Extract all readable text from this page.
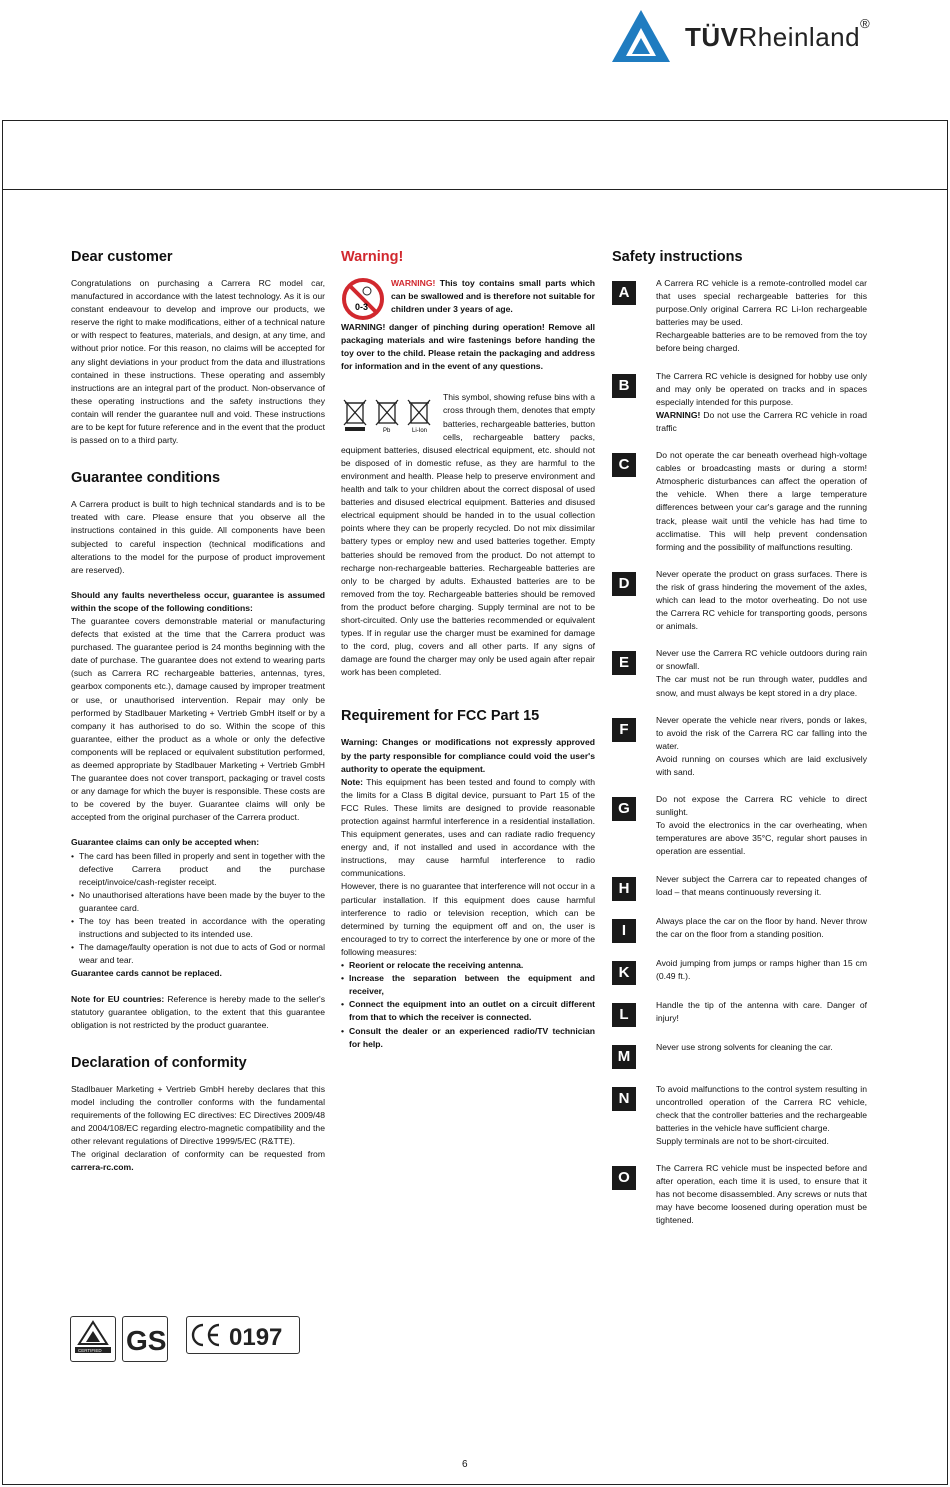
TÜVRheinland®
Dear customer

Congratulations on purchasing a Carrera RC model car, manufactured in accordance with the latest technology. As it is our constant endeavour to develop and improve our products, we reserve the right to make modifications, either of a technical nature or with respect to features, materials, and design, at any time, and without prior notice. For this reason, no claims will be accepted for any slight deviations in your product from the data and illustrations contained in these instructions. These operating and assembly instructions are an integral part of the product. Non-observance of these operating instructions and the safety instructions they contain will render the guarantee null and void. These instructions are to be kept for future reference and in the event that the product is passed on to a third party.

Guarantee conditions

A Carrera product is built to high technical standards and is to be treated with care. Please ensure that you observe all the instructions contained in this guide. All components have been subjected to careful inspection (technical modifications and alterations to the model for the purpose of product improvement are reserved).

Should any faults nevertheless occur, guarantee is assumed within the scope of the following conditions:

The guarantee covers demonstrable material or manufacturing defects that existed at the time that the Carrera product was purchased. The guarantee period is 24 months beginning with the date of purchase. The guarantee does not extend to wearing parts (such as Carrera RC rechargeable batteries, antennas, tyres, gearbox components etc.), damage caused by improper treatment or use, or unauthorised intervention. Repair may only be performed by Stadlbauer Marketing + Vertrieb GmbH itself or by a company it has authorised to do so. Within the scope of this guarantee, either the product as a whole or only the defective components will be replaced or equivalent substitution performed, as deemed appropriate by Stadlbauer Marketing + Vertrieb GmbH The guarantee does not cover transport, packaging or travel costs or any damage for which the buyer is responsible. These costs are to be covered by the buyer. Guarantee claims will only be accepted from the original purchaser of the Carrera product.

Guarantee claims can only be accepted when:

• The card has been filled in properly and sent in together with the defective Carrera product and the purchase receipt/invoice/cash-register receipt.
• No unauthorised alterations have been made by the buyer to the guarantee card.
• The toy has been treated in accordance with the operating instructions and subjected to its intended use.
• The damage/faulty operation is not due to acts of God or normal wear and tear.

Guarantee cards cannot be replaced.

Note for EU countries: Reference is hereby made to the seller's statutory guarantee obligation, to the extent that this guarantee obligation is not restricted by the product guarantee.

Declaration of conformity

Stadlbauer Marketing + Vertrieb GmbH hereby declares that this model including the controller conforms with the fundamental requirements of the following EC directives: EC Directives 2009/48 and 2004/108/EC regarding electro-magnetic compatibility and the other relevant regulations of Directive 1999/5/EC (R&TTE).

The original declaration of conformity can be requested from carrera-rc.com.

Warning!
0-3

WARNING! This toy contains small parts which can be swallowed and is therefore not suitable for children under 3 years of age.

WARNING! danger of pinching during operation! Remove all packaging materials and wire fastenings before handing the toy over to the child. Please retain the packaging and address for information and in the event of any questions.

Pb	Li-Ion

This symbol, showing refuse bins with a cross through them, denotes that empty batteries, rechargeable batteries, button cells, rechargeable battery packs, equipment batteries, disused electrical equipment, etc. should not be disposed of in domestic refuse, as they are harmful to the environment and health. Please help to preserve environment and health and talk to your children about the correct disposal of used batteries and disused electrical equipment. Batteries and disused electrical equipment should be handed in to the usual collection points where they can be properly recycled. Do not mix dissimilar battery types or employ new and used batteries together. Empty batteries should be removed from the product. Do not attempt to recharge non-rechargeable batteries. Rechargeable batteries are only to be charged by adults. Exhausted batteries are to be removed from the toy. Rechargeable batteries should be removed from the product before charging. Supply terminal are not to be short-circuited. Only use the batteries recommended or equivalent types. If in regular use the charger must be examined for damage to the cord, plug, covers and all other parts. If any signs of damage are found the charger may only be used again after repair work has been completed.

Requirement for FCC Part 15

Warning: Changes or modifications not expressly approved by the party responsible for compliance could void the user's authority to operate the equipment.

Note: This equipment has been tested and found to comply with the limits for a Class B digital device, pursuant to Part 15 of the FCC Rules. These limits are designed to provide reasonable protection against harmful interference in a residential installation. This equipment generates, uses and can radiate radio frequency energy and, if not installed and used in accordance with the instructions, may cause harmful interference to radio communications.

However, there is no guarantee that interference will not occur in a particular installation. If this equipment does cause harmful interference to radio or television reception, which can be determined by turning the equipment off and on, the user is encouraged to try to correct the interference by one or more of the following measures:

• Reorient or relocate the receiving antenna.
• Increase the separation between the equipment and receiver,
• Connect the equipment into an outlet on a circuit different from that to which the receiver is connected.
• Consult the dealer or an experienced radio/TV technician for help.
Safety instructions
A

A Carrera RC vehicle is a remote-controlled model car that uses special rechargeable batteries for this purpose.Only original Carrera RC Li-Ion rechargeable batteries may be used.

Rechargeable batteries are to be removed from the toy before being charged.

B

The Carrera RC vehicle is designed for hobby use only and may only be operated on tracks and in spaces especially intended for this purpose.

WARNING! Do not use the Carrera RC vehicle in road traffic

C

Do not operate the car beneath overhead high-voltage cables or broadcasting masts or during a storm! Atmospheric disturbances can affect the operation of the vehicle. When there a large temperature differences between your car's garage and the running track, please wait until the vehicle has had time to acclimatise. This will help prevent condensation forming and the possibility of malfunctions resulting.

D

Never operate the product on grass surfaces. There is the risk of grass hindering the movement of the axles, which can lead to the motor overheating. Do not use the Carrera RC vehicle for transporting goods, persons or animals.

E

Never use the Carrera RC vehicle outdoors during rain or snowfall.

The car must not be run through water, puddles and snow, and must always be kept stored in a dry place.

F

Never operate the vehicle near rivers, ponds or lakes, to avoid the risk of the Carrera RC car falling into the water.

Avoid running on courses which are laid exclusively with sand.

G

Do not expose the Carrera RC vehicle to direct sunlight.

To avoid the electronics in the car overheating, when temperatures are above 35°C, regular short pauses in operation are essential.

H

Never subject the Carrera car to repeated changes of load – that means continuously reversing it.

I

Always place the car on the floor by hand. Never throw the car on the floor from a standing position.

K

Avoid jumping from jumps or ramps higher than 15 cm (0.49 ft.).

L

Handle the tip of the antenna with care. Danger of injury!

M

Never use strong solvents for cleaning the car.

N

To avoid malfunctions to the control system resulting in uncontrolled operation of the Carrera RC vehicle, check that the controller batteries and the rechargeable batteries in the vehicle have sufficient charge.

Supply terminals are not to be short-circuited.

O

The Carrera RC vehicle must be inspected before and after operation, each time it is used, to ensure that it has not become disassembled. Any screws or nuts that may have become loosened during operation must be tightened.

CERTIFIED GS	0197
6
